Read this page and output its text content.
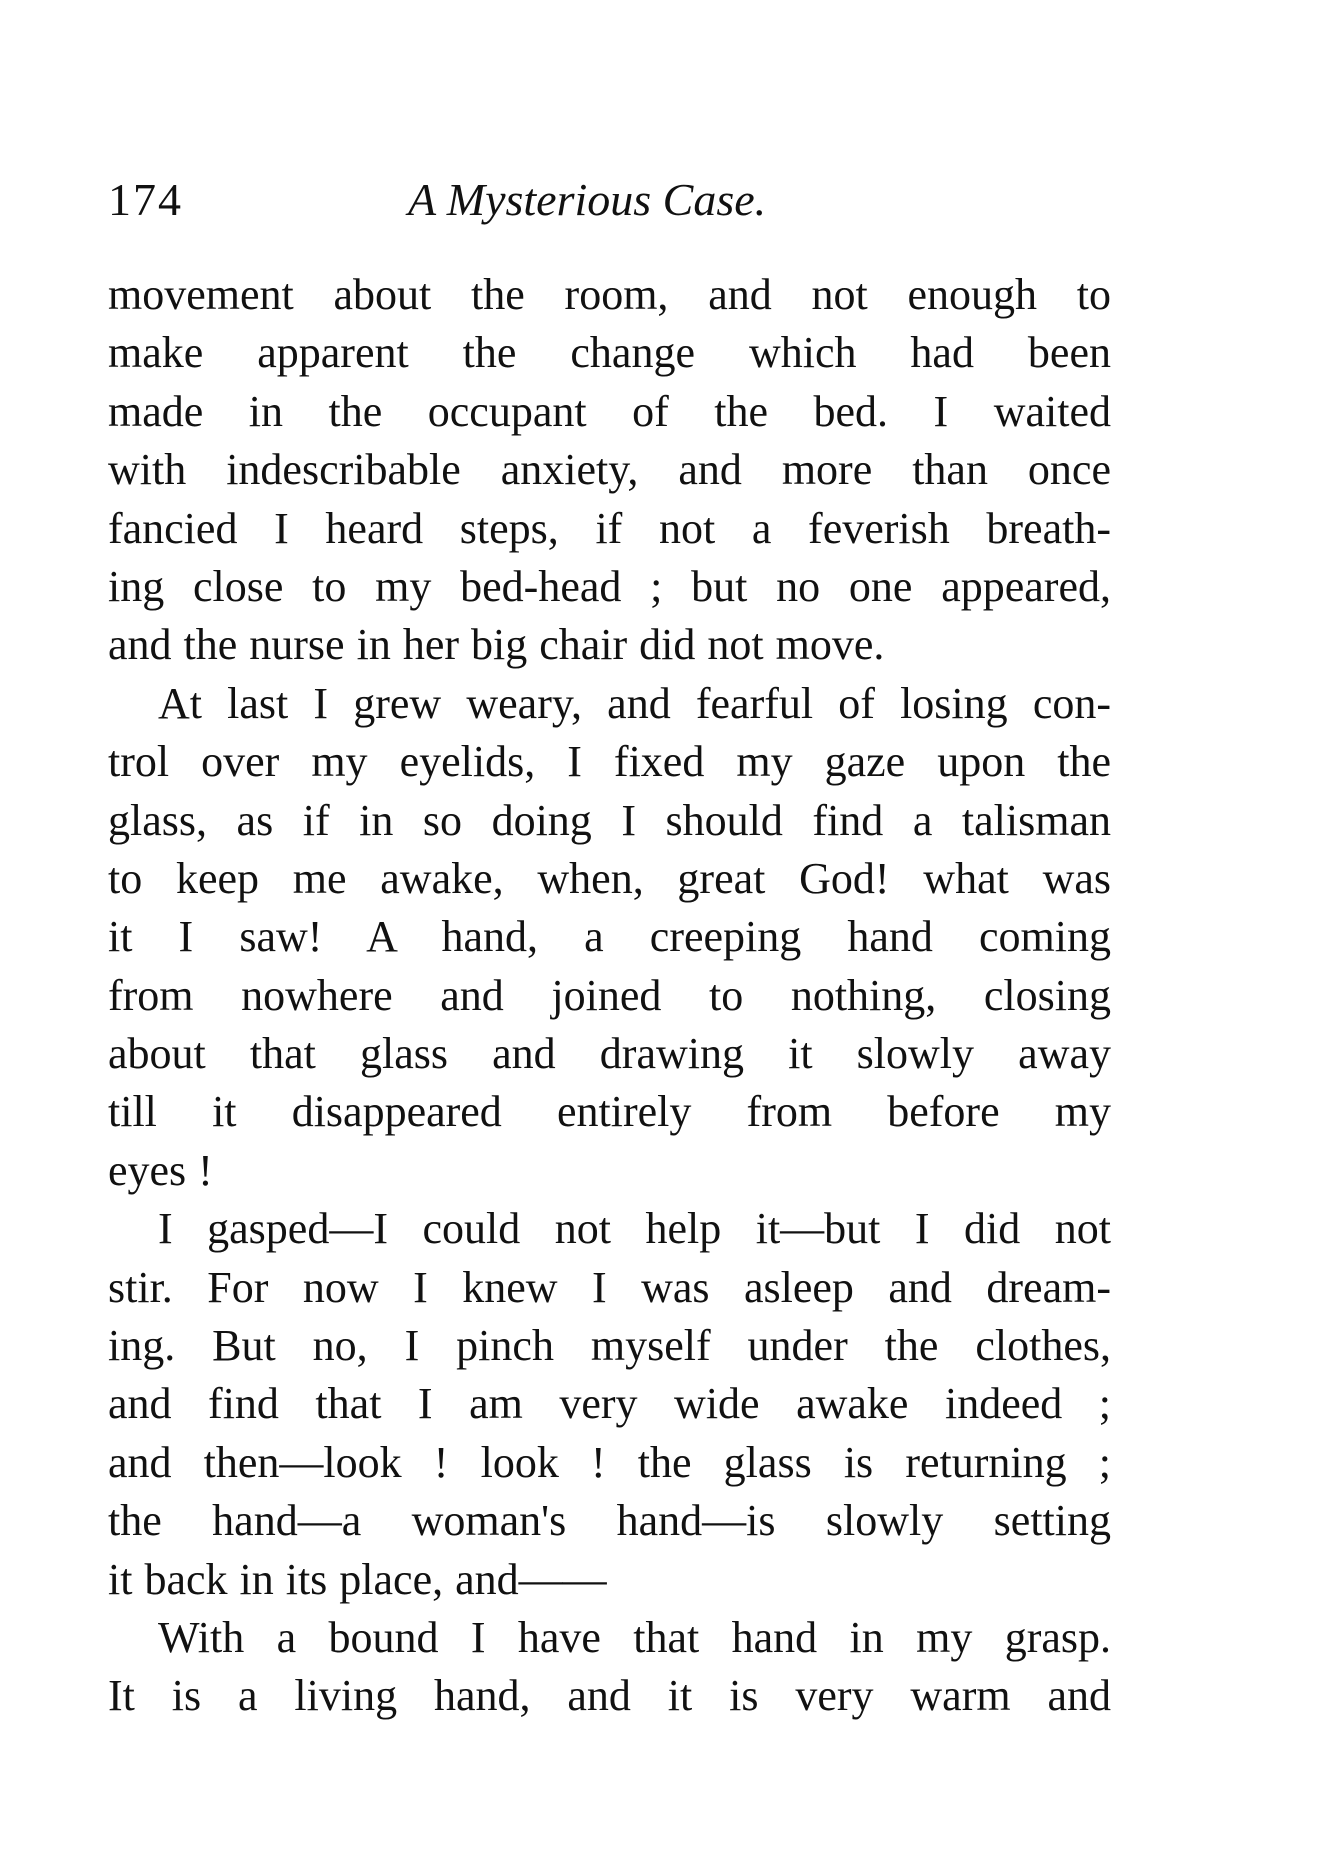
174	A Mysterious Case.
movement about the room, and not enough to
make apparent the change which had been
made in the occupant of the bed. I waited
with indescribable anxiety, and more than once
fancied I heard steps, if not a feverish breath-
ing close to my bed-head ; but no one appeared,
and the nurse in her big chair did not move.
At last I grew weary, and fearful of losing con-
trol over my eyelids, I fixed my gaze upon the
glass, as if in so doing I should find a talisman
to keep me awake, when, great God! what was
it I saw! A hand, a creeping hand coming
from nowhere and joined to nothing, closing
about that glass and drawing it slowly away
till it disappeared entirely from before my
eyes !
I gasped—I could not help it—but I did not
stir. For now I knew I was asleep and dream-
ing. But no, I pinch myself under the clothes,
and find that I am very wide awake indeed ;
and then—look ! look ! the glass is returning ;
the hand—a woman's hand—is slowly setting
it back in its place, and——
With a bound I have that hand in my grasp.
It is a living hand, and it is very warm and
